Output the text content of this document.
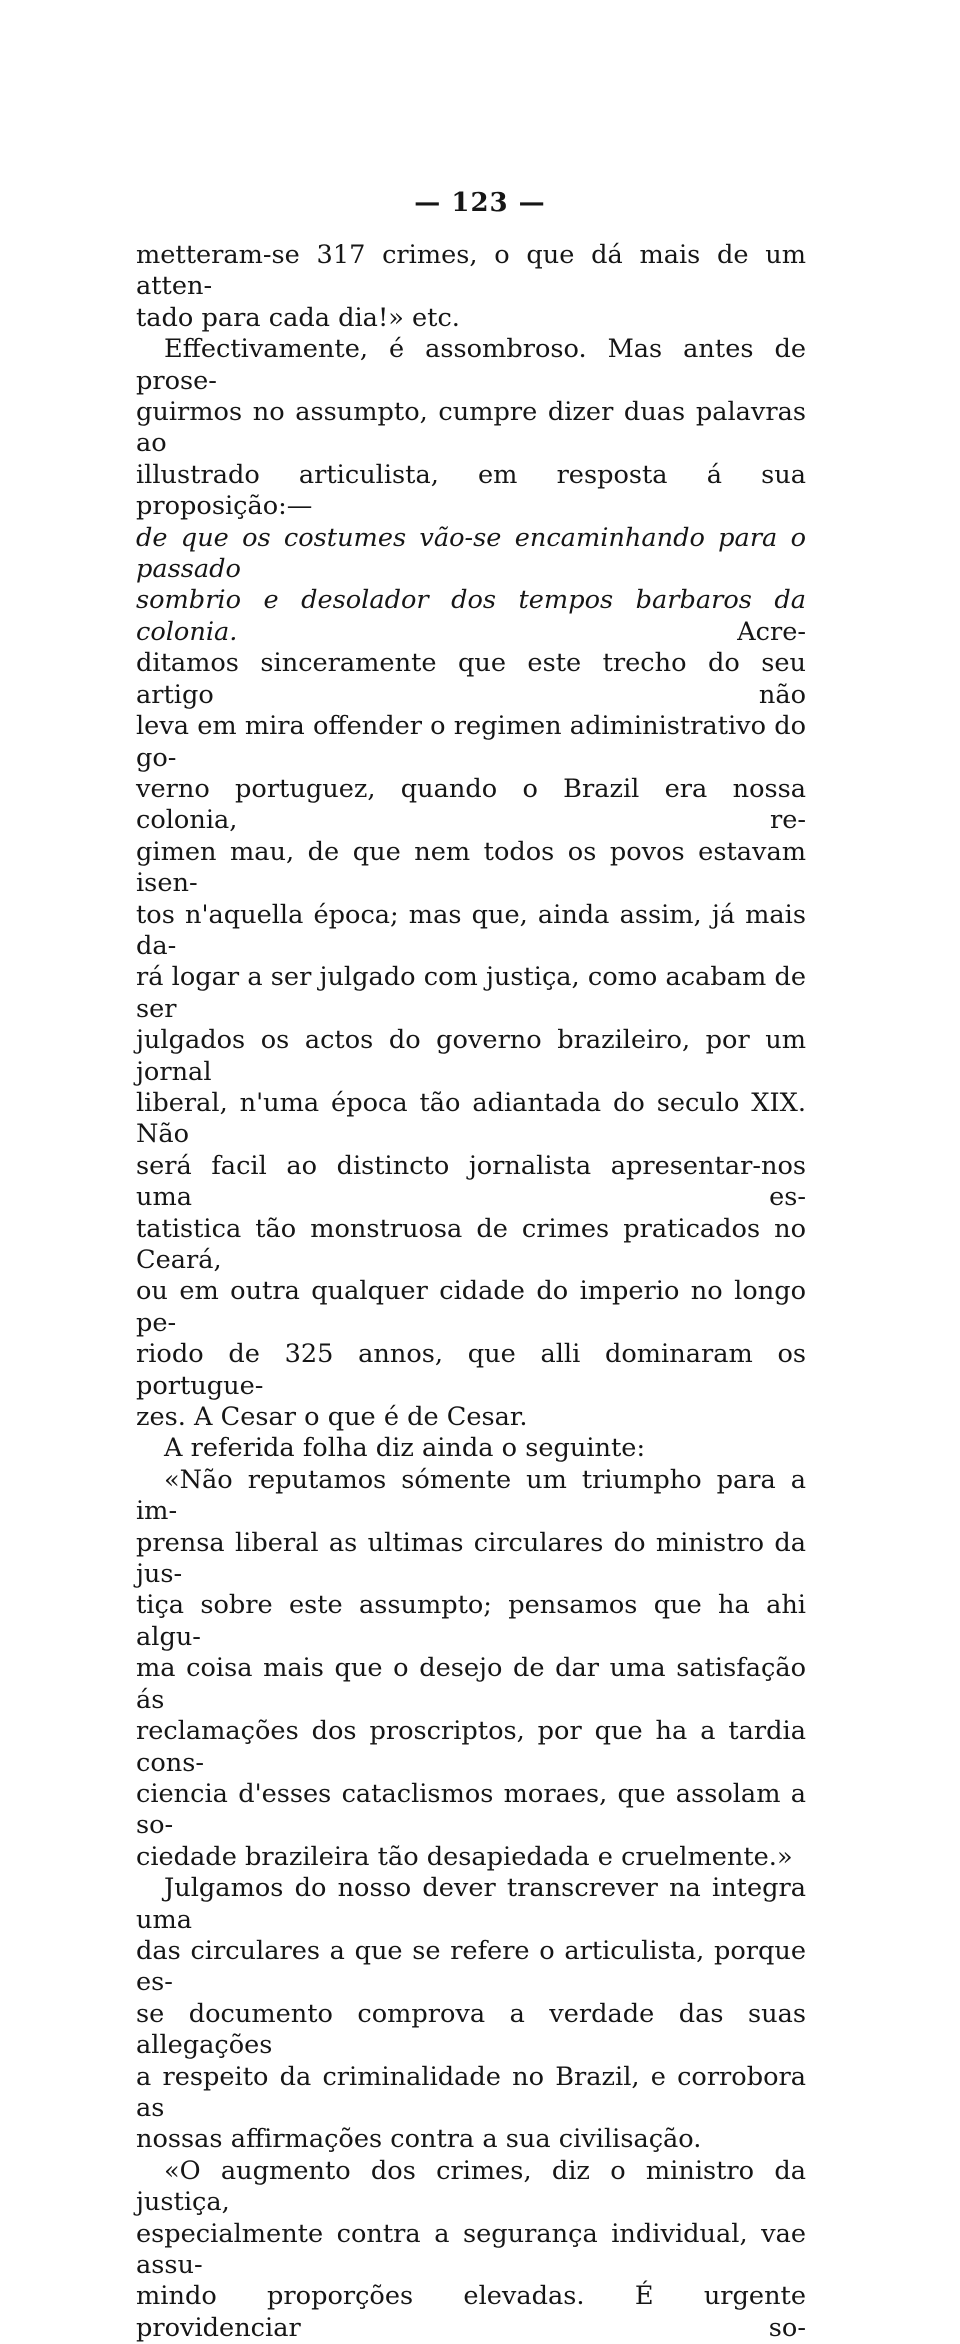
— 123 —
metteram-se 317 crimes, o que dá mais de um atten-
tado para cada dia!» etc.
Effectivamente, é assombroso. Mas antes de prose-
guirmos no assumpto, cumpre dizer duas palavras ao
illustrado articulista, em resposta á sua proposição:—
de que os costumes vão-se encaminhando para o passado
sombrio e desolador dos tempos barbaros da colonia. Acre-
ditamos sinceramente que este trecho do seu artigo não
leva em mira offender o regimen adiministrativo do go-
verno portuguez, quando o Brazil era nossa colonia, re-
gimen mau, de que nem todos os povos estavam isen-
tos n'aquella época; mas que, ainda assim, já mais da-
rá logar a ser julgado com justiça, como acabam de ser
julgados os actos do governo brazileiro, por um jornal
liberal, n'uma época tão adiantada do seculo XIX. Não
será facil ao distincto jornalista apresentar-nos uma es-
tatistica tão monstruosa de crimes praticados no Ceará,
ou em outra qualquer cidade do imperio no longo pe-
riodo de 325 annos, que alli dominaram os portugue-
zes. A Cesar o que é de Cesar.
A referida folha diz ainda o seguinte:
«Não reputamos sómente um triumpho para a im-
prensa liberal as ultimas circulares do ministro da jus-
tiça sobre este assumpto; pensamos que ha ahi algu-
ma coisa mais que o desejo de dar uma satisfação ás
reclamações dos proscriptos, por que ha a tardia cons-
ciencia d'esses cataclismos moraes, que assolam a so-
ciedade brazileira tão desapiedada e cruelmente.»
Julgamos do nosso dever transcrever na integra uma
das circulares a que se refere o articulista, porque es-
se documento comprova a verdade das suas allegações
a respeito da criminalidade no Brazil, e corrobora as
nossas affirmações contra a sua civilisação.
«O augmento dos crimes, diz o ministro da justiça,
especialmente contra a segurança individual, vae assu-
mindo proporções elevadas. É urgente providenciar so-
